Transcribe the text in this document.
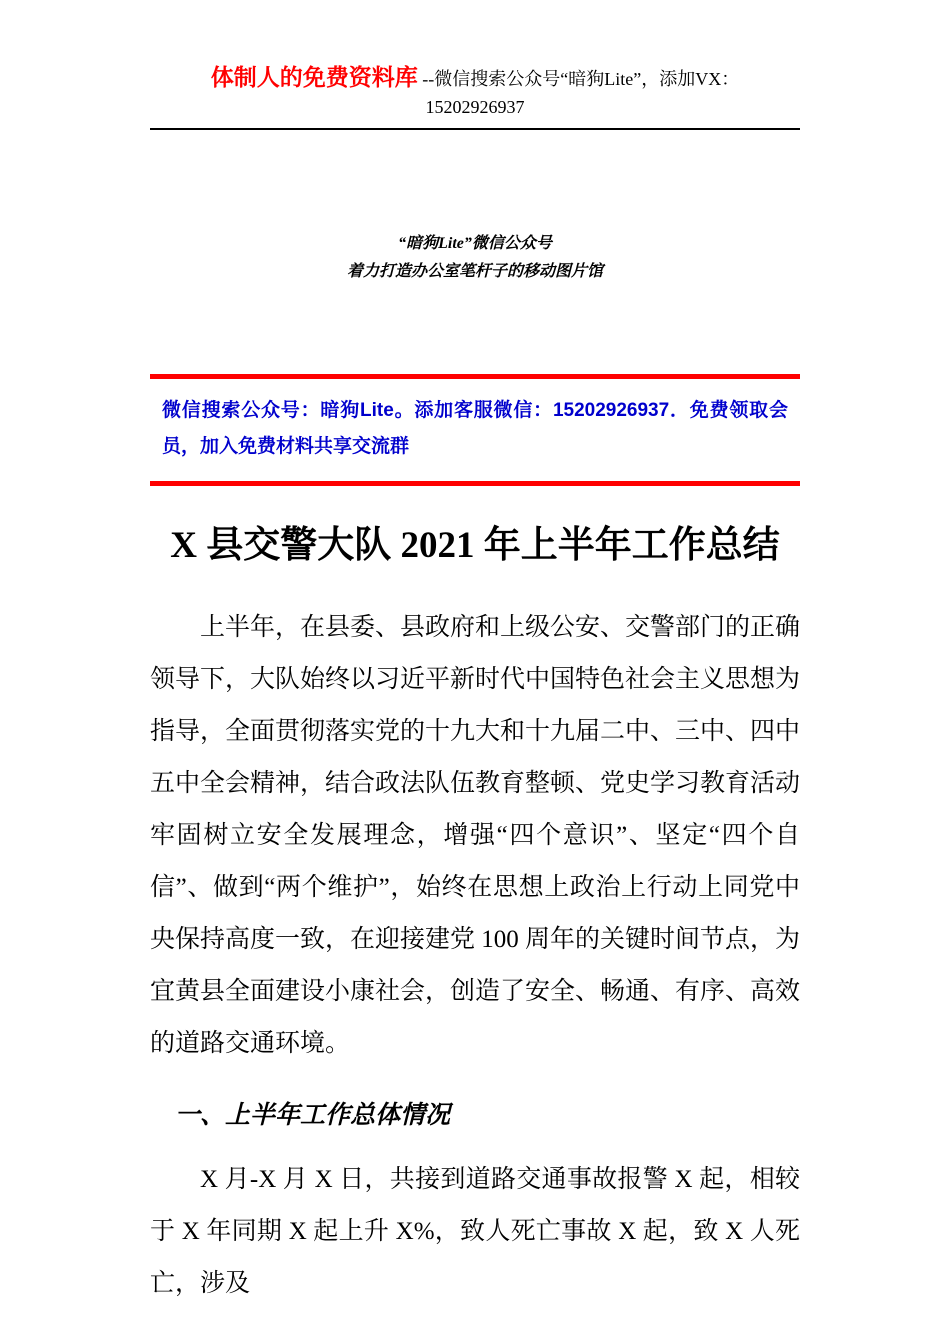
体制人的免费资料库 --微信搜索公众号“暗狗Lite”，添加VX：
15202926937
“暗狗Lite”微信公众号
着力打造办公室笔杆子的移动图片馆

微信搜索公众号：暗狗Lite。添加客服微信：15202926937．免费领取会员，加入免费材料共享交流群

X 县交警大队 2021 年上半年工作总结

上半年，在县委、县政府和上级公安、交警部门的正确领导下，大队始终以习近平新时代中国特色社会主义思想为指导，全面贯彻落实党的十九大和十九届二中、三中、四中五中全会精神，结合政法队伍教育整顿、党史学习教育活动牢固树立安全发展理念，增强“四个意识”、坚定“四个自信”、做到“两个维护”，始终在思想上政治上行动上同党中央保持高度一致，在迎接建党 100 周年的关键时间节点，为宜黄县全面建设小康社会，创造了安全、畅通、有序、高效的道路交通环境。

一、上半年工作总体情况

X 月-X 月 X 日，共接到道路交通事故报警 X 起，相较于 X 年同期 X 起上升 X%，致人死亡事故 X 起，致 X 人死亡，涉及
